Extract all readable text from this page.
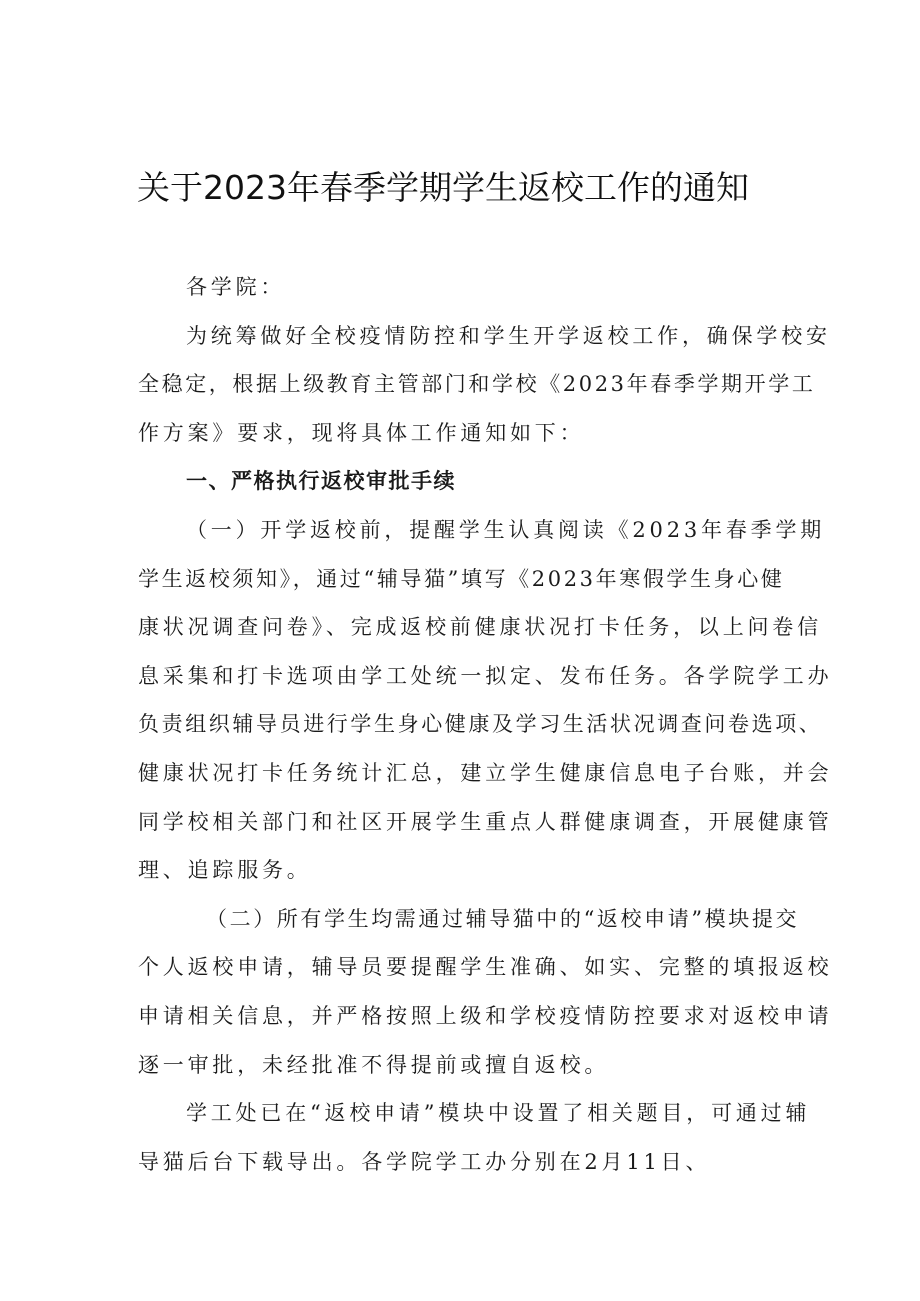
关于2023年春季学期学生返校工作的通知
各学院：
为统筹做好全校疫情防控和学生开学返校工作，确保学校安
全稳定，根据上级教育主管部门和学校《2023年春季学期开学工
作方案》要求，现将具体工作通知如下：
一、严格执行返校审批手续
（一）开学返校前，提醒学生认真阅读《2023年春季学期
学生返校须知》，通过“辅导猫”填写《2023年寒假学生身心健
康状况调查问卷》、完成返校前健康状况打卡任务，以上问卷信
息采集和打卡选项由学工处统一拟定、发布任务。各学院学工办
负责组织辅导员进行学生身心健康及学习生活状况调查问卷选项、
健康状况打卡任务统计汇总，建立学生健康信息电子台账，并会
同学校相关部门和社区开展学生重点人群健康调查，开展健康管
理、追踪服务。
（二）所有学生均需通过辅导猫中的“返校申请”模块提交
个人返校申请，辅导员要提醒学生准确、如实、完整的填报返校
申请相关信息，并严格按照上级和学校疫情防控要求对返校申请
逐一审批，未经批准不得提前或擅自返校。
学工处已在“返校申请”模块中设置了相关题目，可通过辅
导猫后台下载导出。各学院学工办分别在2月11日、
